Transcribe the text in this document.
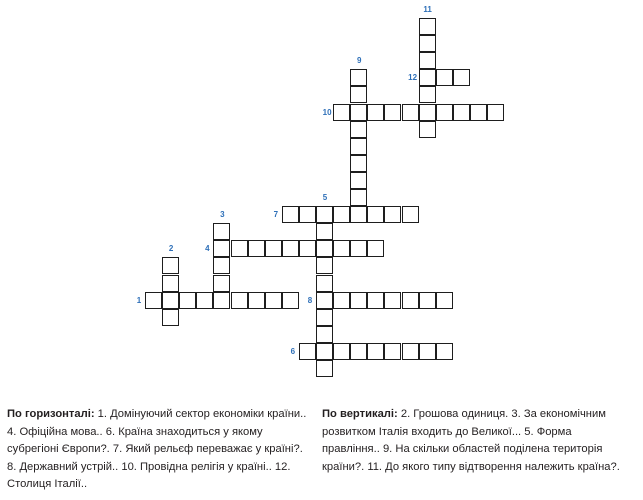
1
2
3
4
5
6
7
8
9
10
11
12
По горизонталі: 1. Домінуючий сектор економіки країни.. 4. Офіційна мова.. 6. Країна знаходиться у якому субрегіоні Європи?. 7. Який рельєф переважає у країні?. 8. Державний устрій.. 10. Провідна релігія у країні.. 12. Столиця Італії..
По вертикалі: 2. Грошова одиниця. 3. За економічним розвитком Італія входить до Великої... 5. Форма правління.. 9. На скільки областей поділена територія країни?. 11. До якого типу відтворення належить країна?.
